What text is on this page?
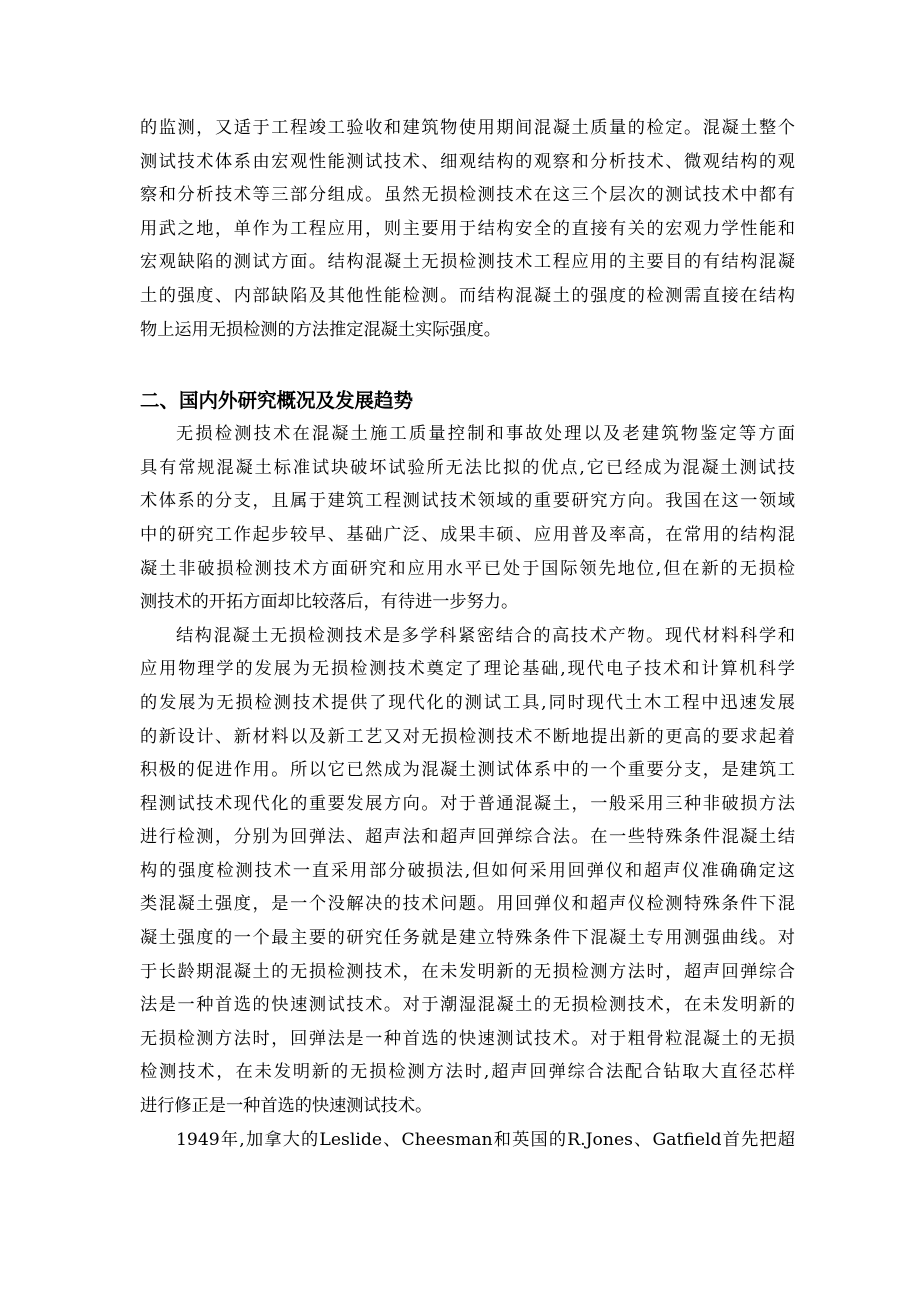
的监测，又适于工程竣工验收和建筑物使用期间混凝土质量的检定。混凝土整个
测试技术体系由宏观性能测试技术、细观结构的观察和分析技术、微观结构的观
察和分析技术等三部分组成。虽然无损检测技术在这三个层次的测试技术中都有
用武之地，单作为工程应用，则主要用于结构安全的直接有关的宏观力学性能和
宏观缺陷的测试方面。结构混凝土无损检测技术工程应用的主要目的有结构混凝
土的强度、内部缺陷及其他性能检测。而结构混凝土的强度的检测需直接在结构
物上运用无损检测的方法推定混凝土实际强度。
二、国内外研究概况及发展趋势
无损检测技术在混凝土施工质量控制和事故处理以及老建筑物鉴定等方面
具有常规混凝土标准试块破坏试验所无法比拟的优点,它已经成为混凝土测试技
术体系的分支，且属于建筑工程测试技术领域的重要研究方向。我国在这一领域
中的研究工作起步较早、基础广泛、成果丰硕、应用普及率高，在常用的结构混
凝土非破损检测技术方面研究和应用水平已处于国际领先地位,但在新的无损检
测技术的开拓方面却比较落后，有待进一步努力。
结构混凝土无损检测技术是多学科紧密结合的高技术产物。现代材料科学和
应用物理学的发展为无损检测技术奠定了理论基础,现代电子技术和计算机科学
的发展为无损检测技术提供了现代化的测试工具,同时现代土木工程中迅速发展
的新设计、新材料以及新工艺又对无损检测技术不断地提出新的更高的要求起着
积极的促进作用。所以它已然成为混凝土测试体系中的一个重要分支，是建筑工
程测试技术现代化的重要发展方向。对于普通混凝土，一般采用三种非破损方法
进行检测，分别为回弹法、超声法和超声回弹综合法。在一些特殊条件混凝土结
构的强度检测技术一直采用部分破损法,但如何采用回弹仪和超声仪准确确定这
类混凝土强度，是一个没解决的技术问题。用回弹仪和超声仪检测特殊条件下混
凝土强度的一个最主要的研究任务就是建立特殊条件下混凝土专用测强曲线。对
于长龄期混凝土的无损检测技术，在未发明新的无损检测方法时，超声回弹综合
法是一种首选的快速测试技术。对于潮湿混凝土的无损检测技术，在未发明新的
无损检测方法时，回弹法是一种首选的快速测试技术。对于粗骨粒混凝土的无损
检测技术，在未发明新的无损检测方法时,超声回弹综合法配合钻取大直径芯样
进行修正是一种首选的快速测试技术。
1949年,加拿大的Leslide、Cheesman和英国的R.Jones、Gatfield首先把超
